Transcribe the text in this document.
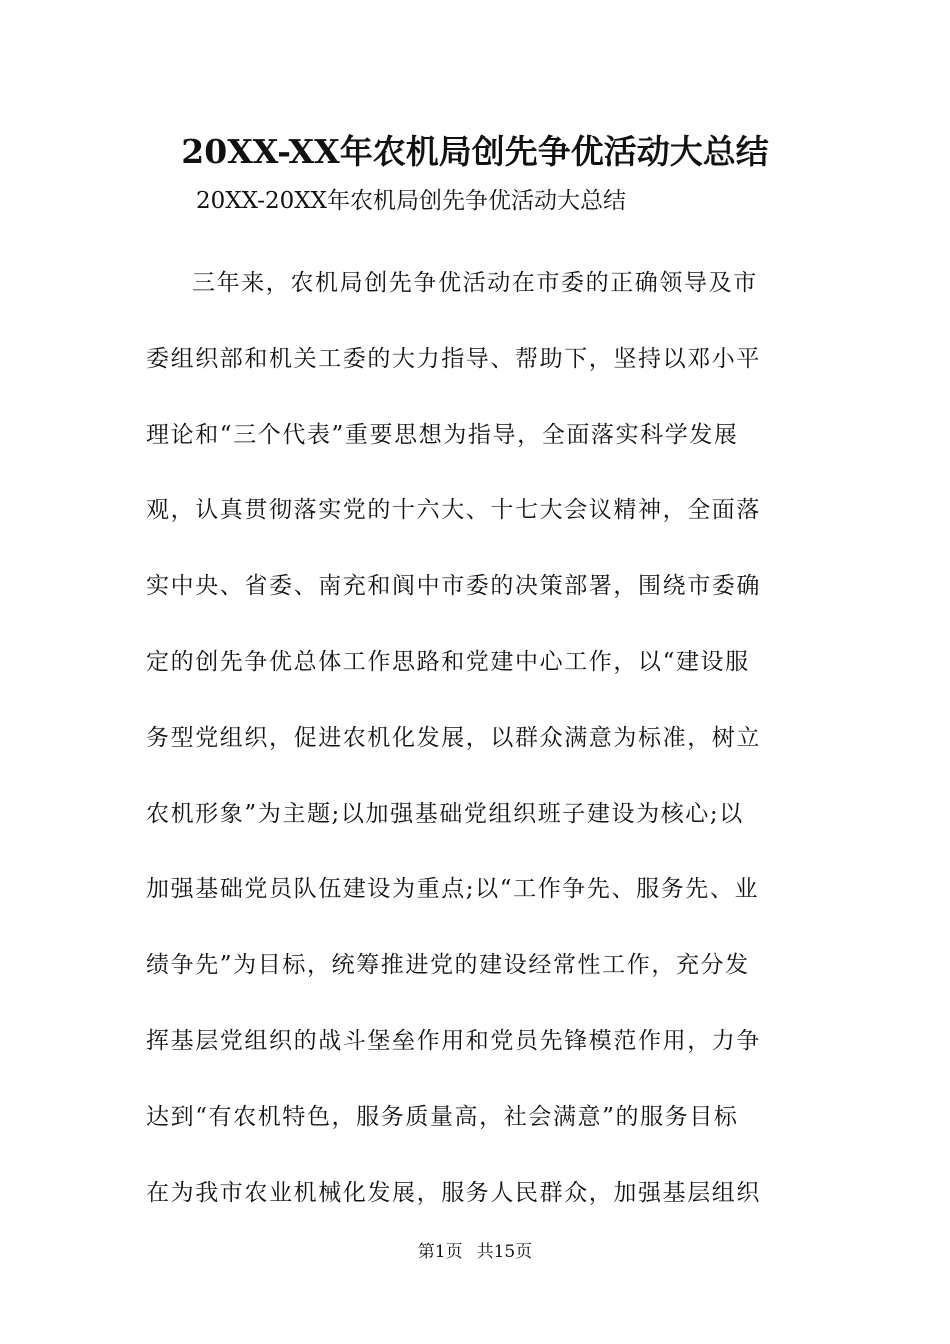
20XX-XX年农机局创先争优活动大总结

20XX-20XX年农机局创先争优活动大总结

三年来，农机局创先争优活动在市委的正确领导及市
委组织部和机关工委的大力指导、帮助下，坚持以邓小平
理论和“三个代表”重要思想为指导，全面落实科学发展
观，认真贯彻落实党的十六大、十七大会议精神，全面落
实中央、省委、南充和阆中市委的决策部署，围绕市委确
定的创先争优总体工作思路和党建中心工作，以“建设服
务型党组织，促进农机化发展，以群众满意为标准，树立
农机形象”为主题;以加强基础党组织班子建设为核心;以
加强基础党员队伍建设为重点;以“工作争先、服务先、业
绩争先”为目标，统筹推进党的建设经常性工作，充分发
挥基层党组织的战斗堡垒作用和党员先锋模范作用，力争
达到“有农机特色，服务质量高，社会满意”的服务目标
在为我市农业机械化发展，服务人民群众，加强基层组织
第1页 共15页
